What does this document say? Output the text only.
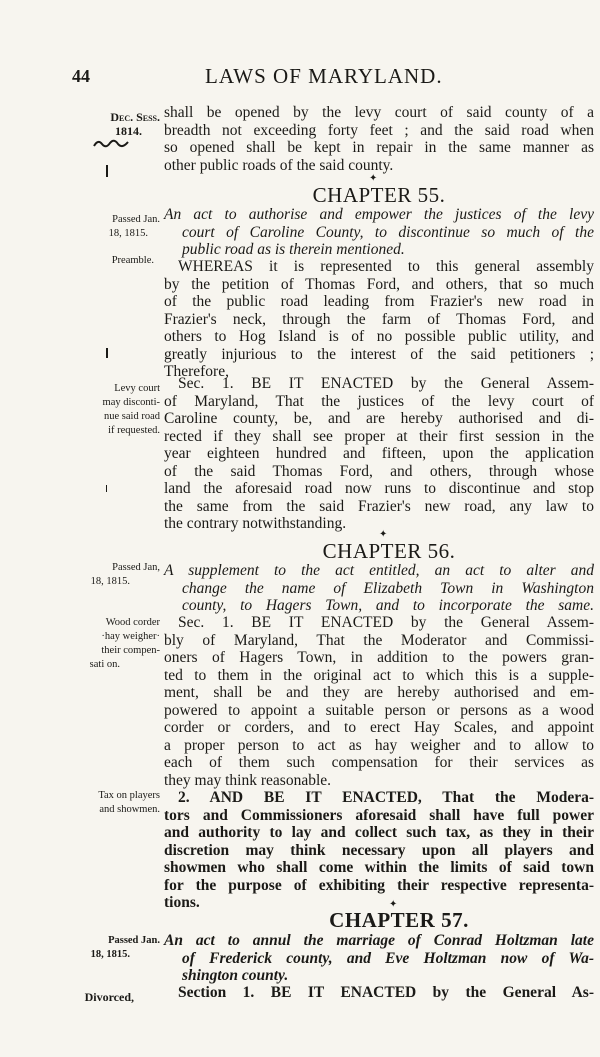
44	LAWS OF MARYLAND.
Dec. Sess.
1814.
Passed Jan.
18, 1815.
Preamble.
Levy court
may disconti-
nue said road
if requested.
Passed Jan,
18, 1815.
Wood corder
·hay weigher·
their compen-
sati on.
Tax on players
and showmen.
Passed Jan.
18, 1815.
Divorced,
shall be opened by the levy court of said county of a
breadth not exceeding forty feet ; and the said road when
so opened shall be kept in repair in the same manner as
other public roads of the said county.
✦
CHAPTER 55.
An act to authorise and empower the justices of the levy
court of Caroline County, to discontinue so much of the
public road as is therein mentioned.
WHEREAS it is represented to this general assembly
by the petition of Thomas Ford, and others, that so much
of the public road leading from Frazier's new road in
Frazier's neck, through the farm of Thomas Ford, and
others to Hog Island is of no possible public utility, and
greatly injurious to the interest of the said petitioners ;
Therefore,
Sec. 1. BE IT ENACTED by the General Assem-
of Maryland, That the justices of the levy court of
Caroline county, be, and are hereby authorised and di-
rected if they shall see proper at their first session in the
year eighteen hundred and fifteen, upon the application
of the said Thomas Ford, and others, through whose
land the aforesaid road now runs to discontinue and stop
the same from the said Frazier's new road, any law to
the contrary notwithstanding.
✦
CHAPTER 56.
A supplement to the act entitled, an act to alter and
change the name of Elizabeth Town in Washington
county, to Hagers Town, and to incorporate the same.
Sec. 1. BE IT ENACTED by the General Assem-
bly of Maryland, That the Moderator and Commissi-
oners of Hagers Town, in addition to the powers gran-
ted to them in the original act to which this is a supple-
ment, shall be and they are hereby authorised and em-
powered to appoint a suitable person or persons as a wood
corder or corders, and to erect Hay Scales, and appoint
a proper person to act as hay weigher and to allow to
each of them such compensation for their services as
they may think reasonable.
2. AND BE IT ENACTED, That the Modera-
tors and Commissioners aforesaid shall have full power
and authority to lay and collect such tax, as they in their
discretion may think necessary upon all players and
showmen who shall come within the limits of said town
for the purpose of exhibiting their respective representa-
tions.	✦
CHAPTER 57.
An act to annul the marriage of Conrad Holtzman late
of Frederick county, and Eve Holtzman now of Wa-
shington county.
Section 1. BE IT ENACTED by the General As-
